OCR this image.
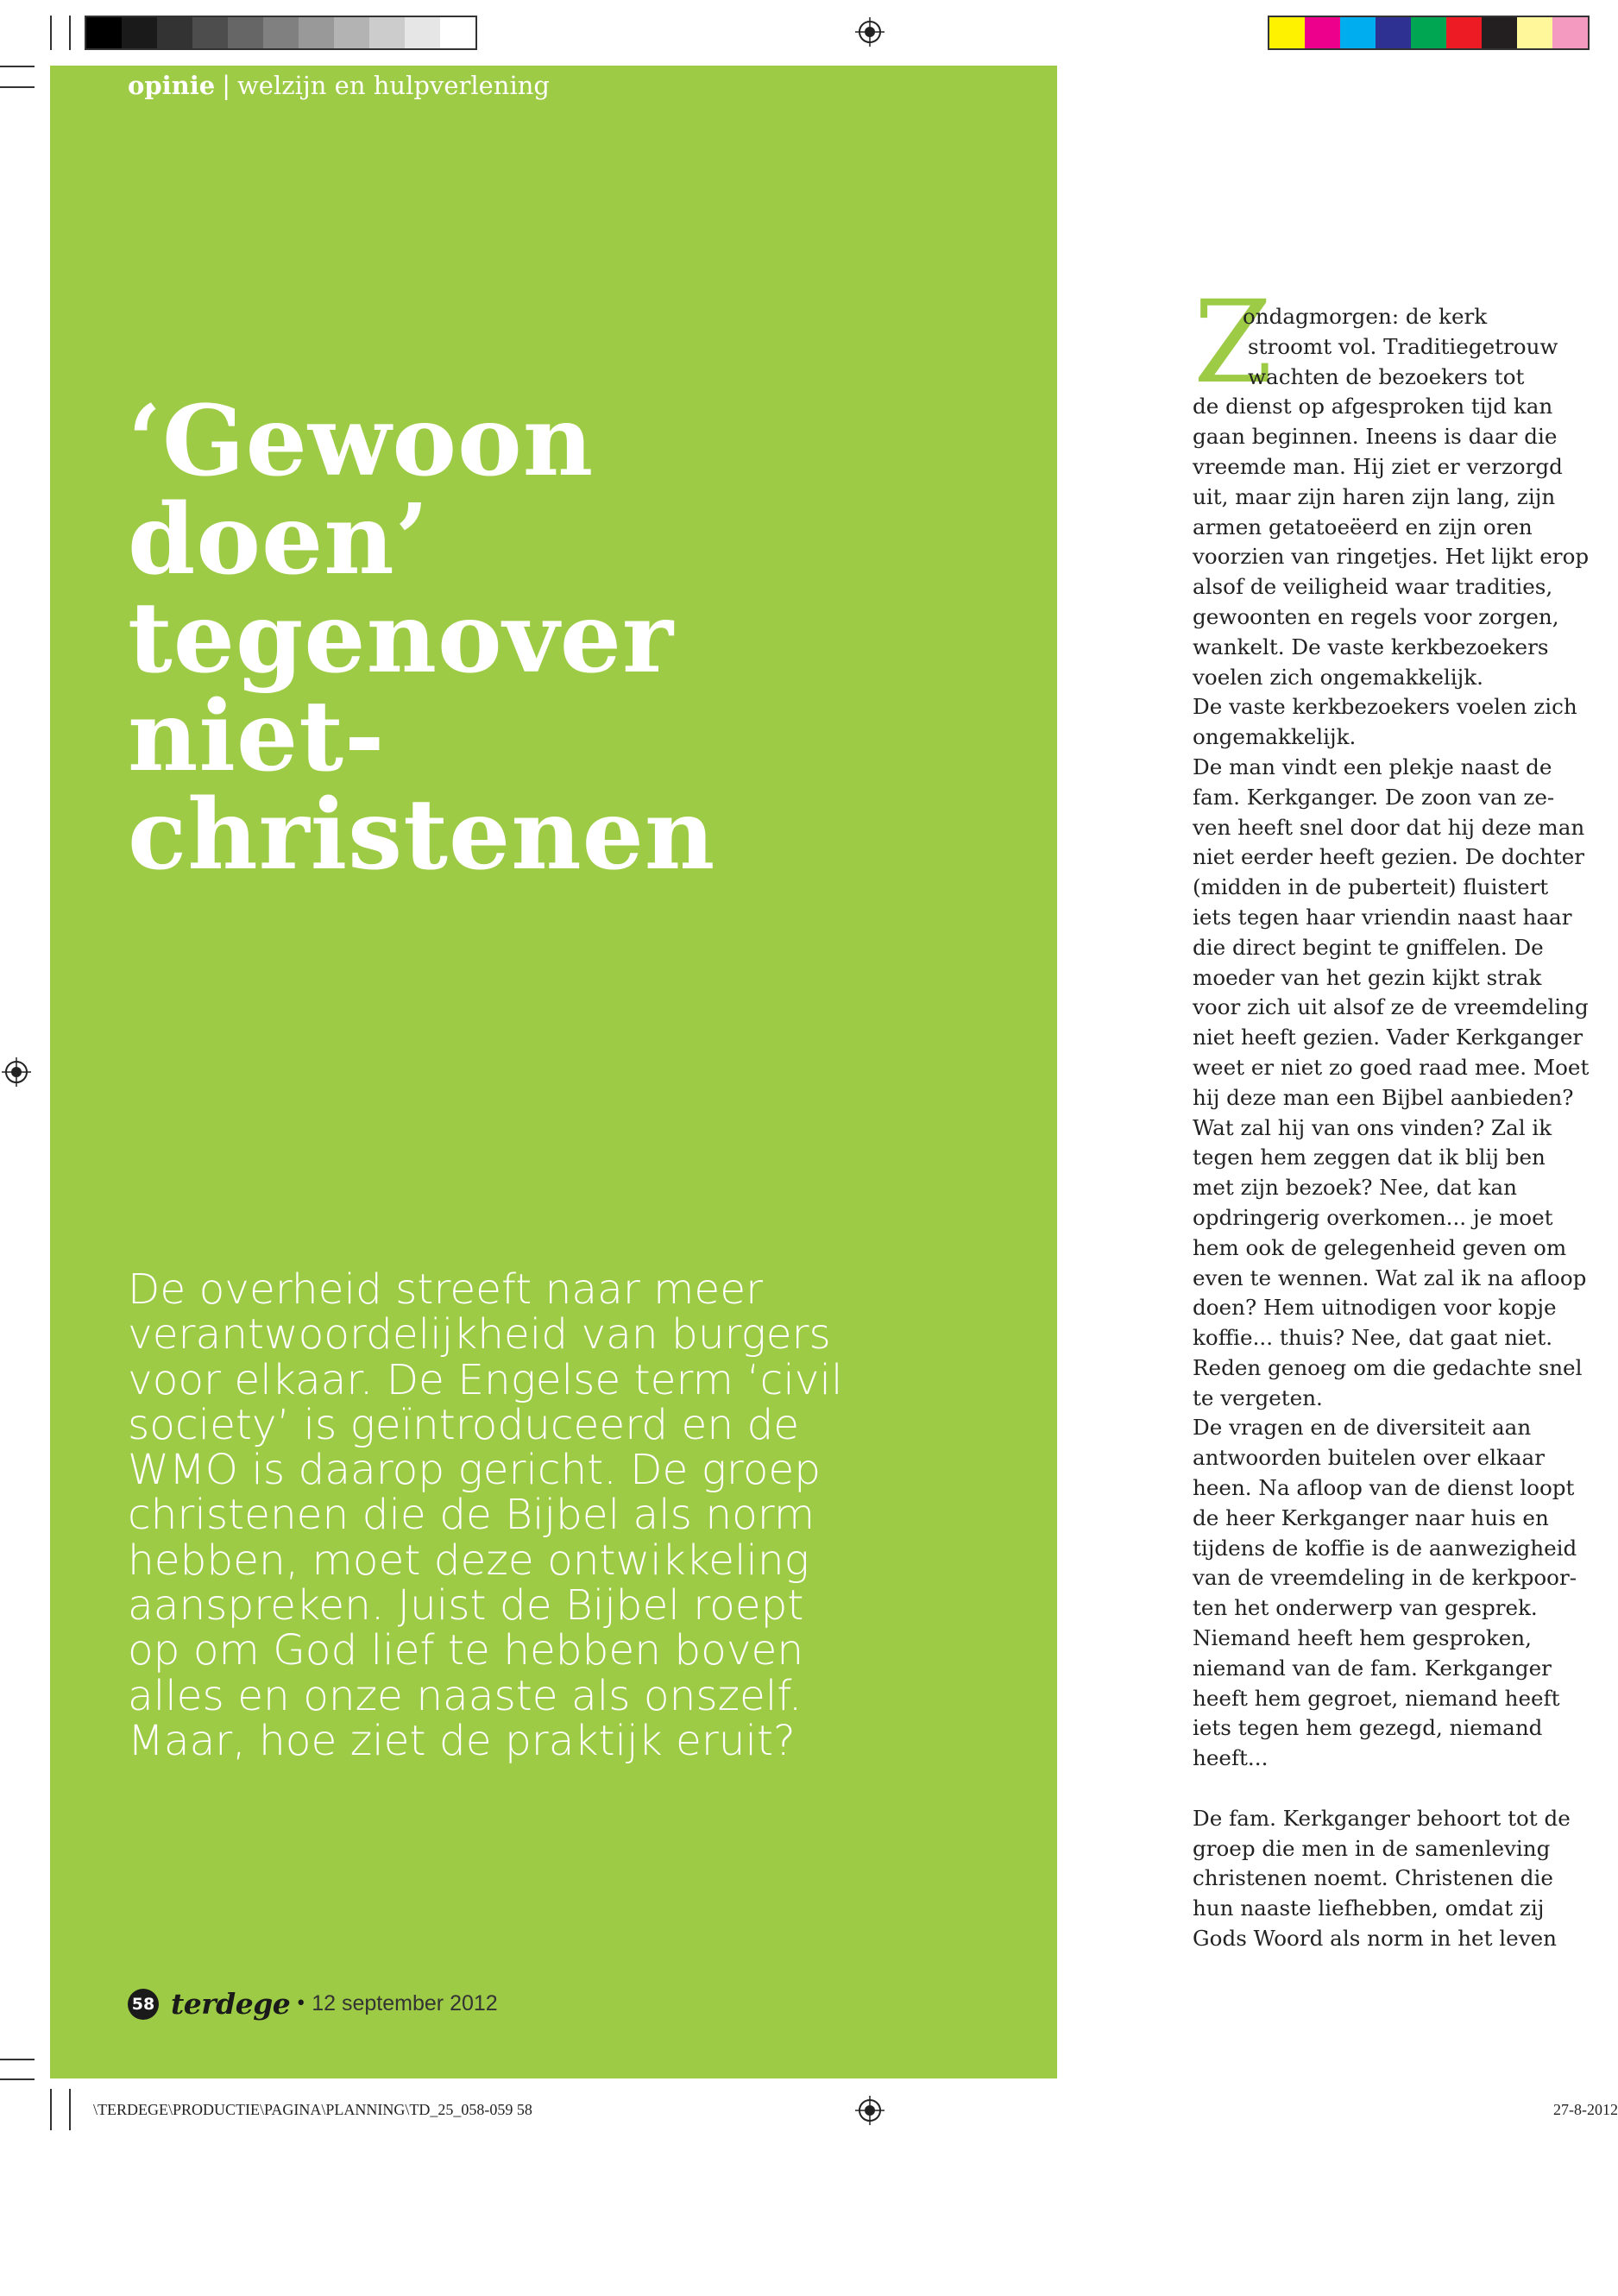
opinie | welzijn en hulpverlening
‘Gewoon
doen’
tegenover
niet-
christenen
De overheid streeft naar meer
verantwoordelijkheid van burgers
voor elkaar. De Engelse term ‘civil
society’ is geïntroduceerd en de
WMO is daarop gericht. De groep
christenen die de Bijbel als norm
hebben, moet deze ontwikkeling
aanspreken. Juist de Bijbel roept
op om God lief te hebben boven
alles en onze naaste als onszelf.
Maar, hoe ziet de praktijk eruit?
58 terdege • 12 september 2012
Z
ondagmorgen: de kerk
stroomt vol. Traditiegetrouw
wachten de bezoekers tot
de dienst op afgesproken tijd kan
gaan beginnen. Ineens is daar die
vreemde man. Hij ziet er verzorgd
uit, maar zijn haren zijn lang, zijn
armen getatoeëerd en zijn oren
voorzien van ringetjes. Het lijkt erop
alsof de veiligheid waar tradities,
gewoonten en regels voor zorgen,
wankelt. De vaste kerkbezoekers
voelen zich ongemakkelijk.
De vaste kerkbezoekers voelen zich
ongemakkelijk.
De man vindt een plekje naast de
fam. Kerkganger. De zoon van ze-
ven heeft snel door dat hij deze man
niet eerder heeft gezien. De dochter
(midden in de puberteit) fluistert
iets tegen haar vriendin naast haar
die direct begint te gniffelen. De
moeder van het gezin kijkt strak
voor zich uit alsof ze de vreemdeling
niet heeft gezien. Vader Kerkganger
weet er niet zo goed raad mee. Moet
hij deze man een Bijbel aanbieden?
Wat zal hij van ons vinden? Zal ik
tegen hem zeggen dat ik blij ben
met zijn bezoek? Nee, dat kan
opdringerig overkomen... je moet
hem ook de gelegenheid geven om
even te wennen. Wat zal ik na afloop
doen? Hem uitnodigen voor kopje
koffie... thuis? Nee, dat gaat niet.
Reden genoeg om die gedachte snel
te vergeten.
De vragen en de diversiteit aan
antwoorden buitelen over elkaar
heen. Na afloop van de dienst loopt
de heer Kerkganger naar huis en
tijdens de koffie is de aanwezigheid
van de vreemdeling in de kerkpoor-
ten het onderwerp van gesprek.
Niemand heeft hem gesproken,
niemand van de fam. Kerkganger
heeft hem gegroet, niemand heeft
iets tegen hem gezegd, niemand
heeft...
De fam. Kerkganger behoort tot de
groep die men in de samenleving
christenen noemt. Christenen die
hun naaste liefhebben, omdat zij
Gods Woord als norm in het leven
\TERDEGE\PRODUCTIE\PAGINA\PLANNING\TD_25_058-059 58	27-8-2012
